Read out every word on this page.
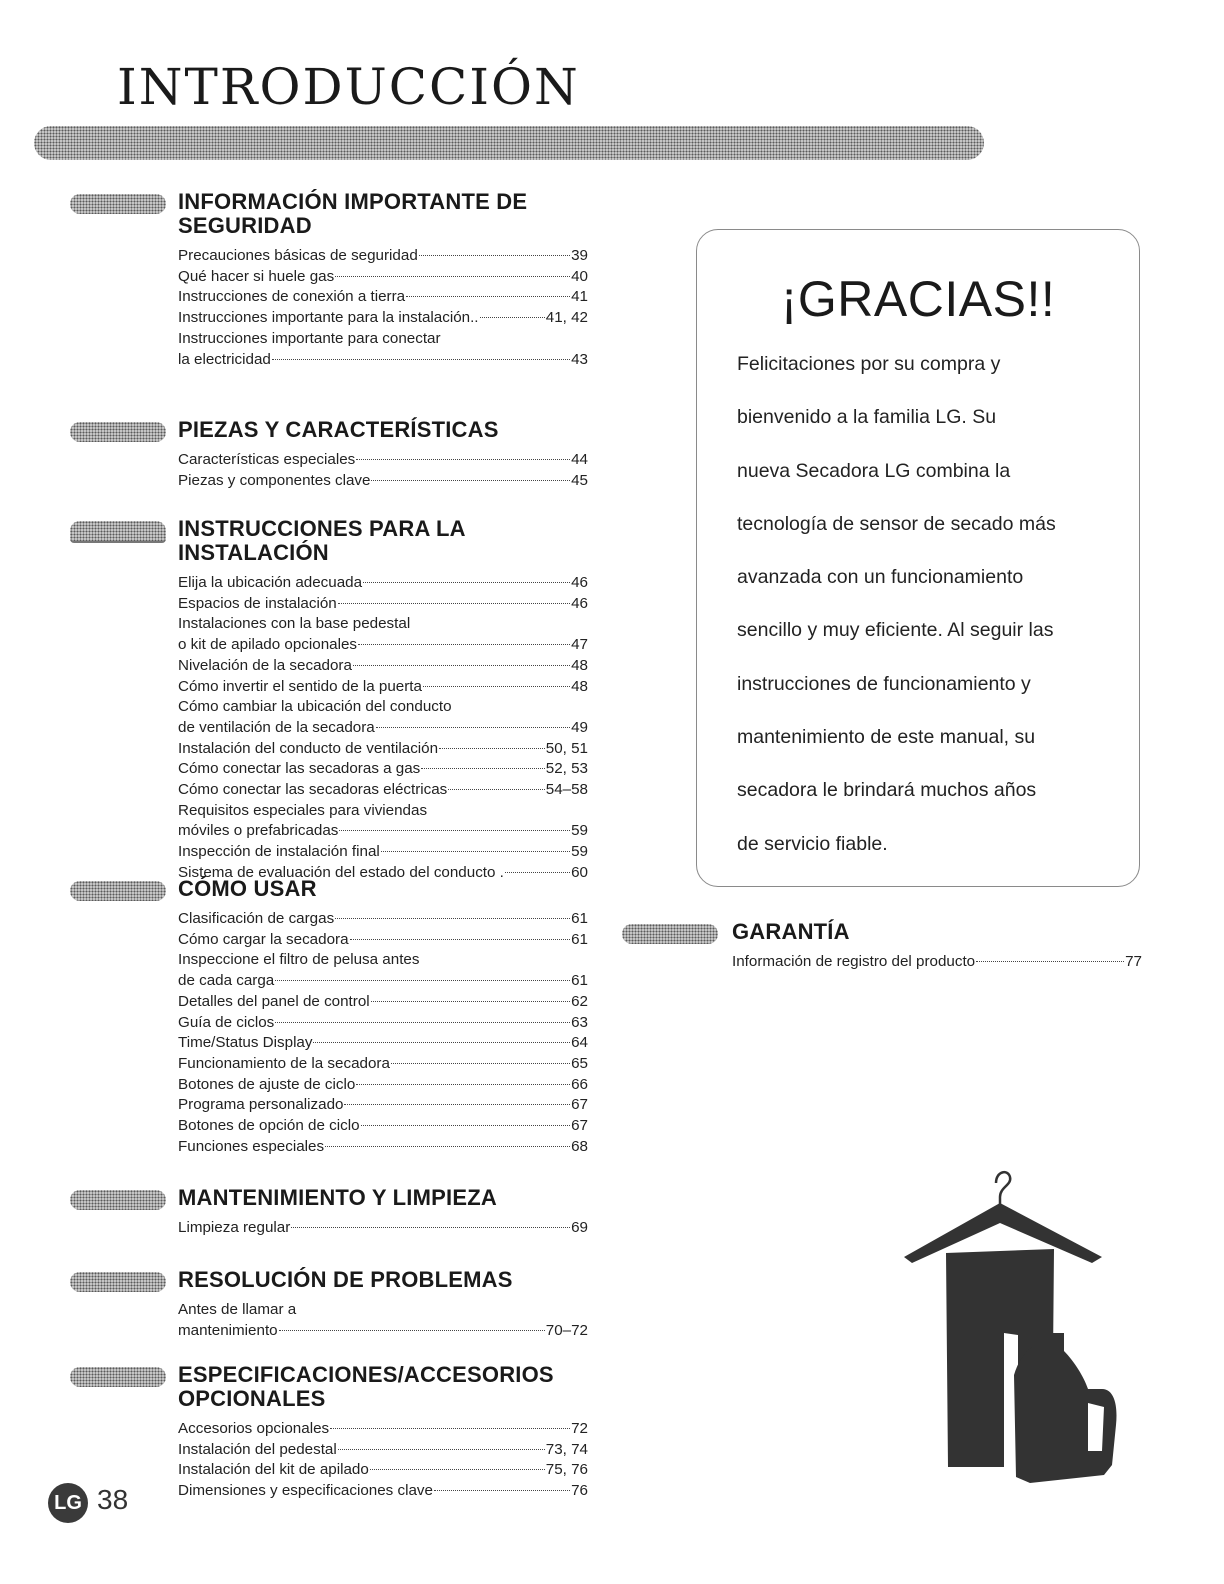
INTRODUCCIÓN
INFORMACIÓN IMPORTANTE DE SEGURIDAD
Precauciones básicas de seguridad	39
Qué hacer si huele gas	40
Instrucciones de conexión a tierra	41
Instrucciones importante para la instalación..	41, 42
Instrucciones importante para conectar
la electricidad	43
PIEZAS Y CARACTERÍSTICAS
Características especiales	44
Piezas y componentes clave	45
INSTRUCCIONES PARA LA INSTALACIÓN
Elija la ubicación adecuada	46
Espacios de instalación	46
Instalaciones con la base pedestal
o kit de apilado opcionales	47
Nivelación de la secadora	48
Cómo invertir el sentido de la puerta	48
Cómo cambiar la ubicación del conducto
de ventilación de la secadora	49
Instalación del conducto de ventilación	50, 51
Cómo conectar las secadoras a gas	52, 53
Cómo conectar las secadoras eléctricas	54–58
Requisitos especiales para viviendas
móviles o prefabricadas	59
Inspección de instalación final	59
Sistema de evaluación del estado del conducto .	60
CÓMO USAR
Clasificación de cargas	61
Cómo cargar la secadora	61
Inspeccione el filtro de pelusa antes
de cada carga	61
Detalles del panel de control	62
Guía de ciclos	63
Time/Status Display	64
Funcionamiento de la secadora	65
Botones de ajuste de ciclo	66
Programa personalizado	67
Botones de opción de ciclo	67
Funciones especiales	68
MANTENIMIENTO Y LIMPIEZA
Limpieza regular	69
RESOLUCIÓN DE PROBLEMAS
Antes de llamar a
mantenimiento	70–72
ESPECIFICACIONES/ACCESORIOS OPCIONALES
Accesorios opcionales	72
Instalación del pedestal	73, 74
Instalación del kit de apilado	75, 76
Dimensiones y especificaciones clave	76
¡GRACIAS!!
Felicitaciones por su compra y
bienvenido a la familia LG. Su
nueva Secadora LG combina la
tecnología de sensor de secado más
avanzada con un funcionamiento
sencillo y muy eficiente. Al seguir las
instrucciones de funcionamiento y
mantenimiento de este manual, su
secadora le brindará muchos años
de servicio fiable.
GARANTÍA
Información de registro del producto	77
LG 38
